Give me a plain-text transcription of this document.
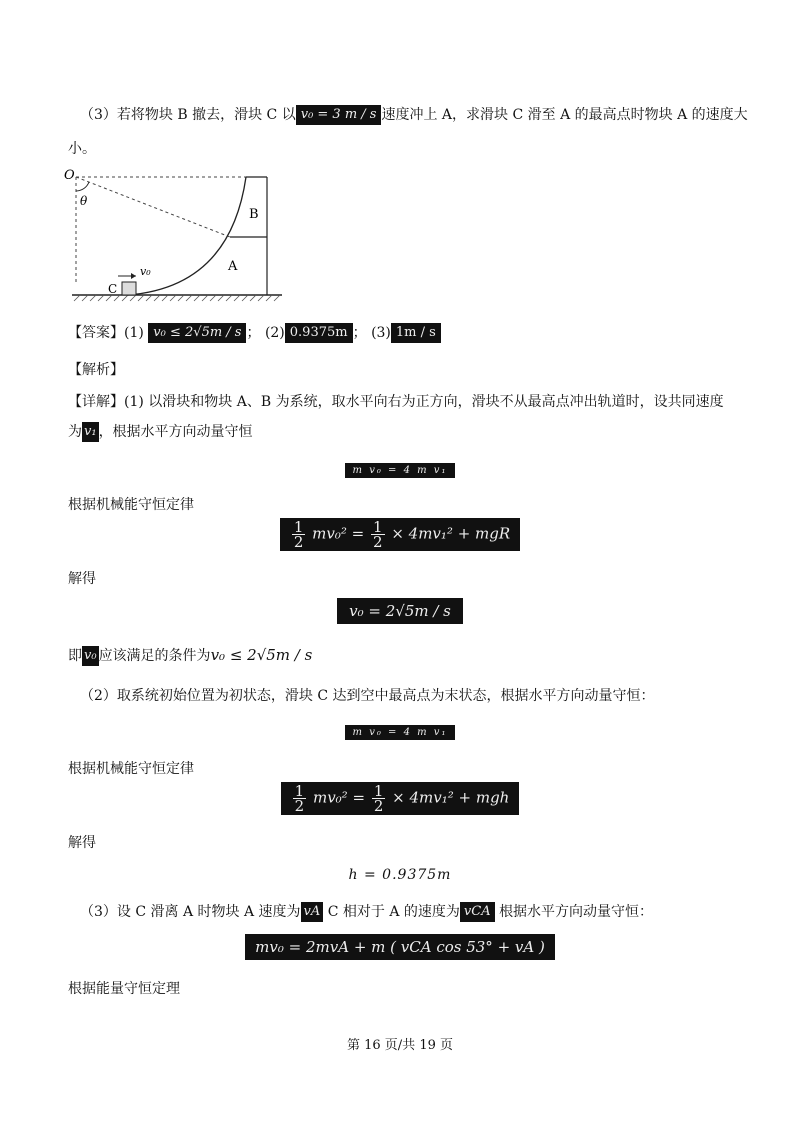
（3）若将物块 B 撤去，滑块 C 以 v₀ = 3 m / s 速度冲上 A，求滑块 C 滑至 A 的最高点时物块 A 的速度大
小。
O
θ
B
A
C
v₀
【答案】(1) v₀ ≤ 2√5m / s ； (2) 0.9375m ； (3) 1m / s
【解析】
【详解】(1) 以滑块和物块 A、B 为系统，取水平向右为正方向，滑块不从最高点冲出轨道时，设共同速度
为 v₁ ，根据水平方向动量守恒
m v₀ = 4 m v₁
根据机械能守恒定律
$\frac{1}{2} mv_0^2 = \frac{1}{2} \times 4mv_1^2$ + mgR
解得
v₀ = 2√5m / s
即 v₀ 应该满足的条件为v₀ ≤ 2√5m / s
（2）取系统初始位置为初状态，滑块 C 达到空中最高点为末状态，根据水平方向动量守恒：
m v₀ = 4 m v₁
根据机械能守恒定律
$\frac{1}{2} mv_0^2 = \frac{1}{2} \times 4mv_1^2$ + mgh
解得
h = 0.9375m
（3）设 C 滑离 A 时物块 A 速度为 vA C 相对于 A 的速度为 vCA 根据水平方向动量守恒：
mv₀ = 2mvA + m ( vCA cos 53° + vA )
根据能量守恒定理
第 16 页/共 19 页
